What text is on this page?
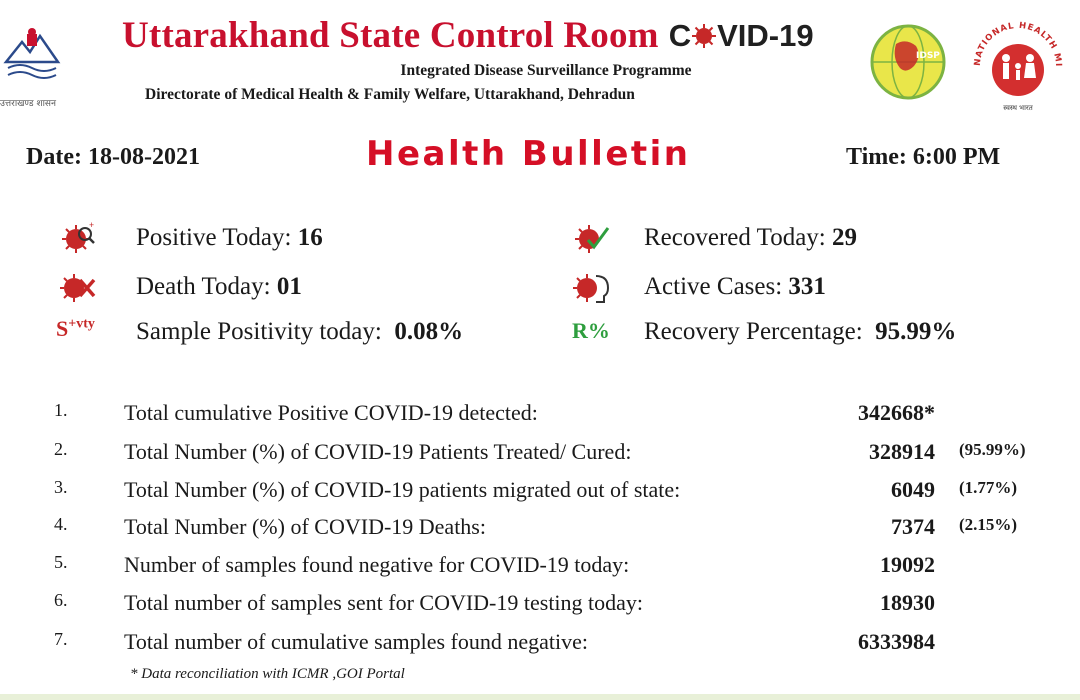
उत्तराखण्ड शासन
Uttarakhand State Control Room C VID-19
Integrated Disease Surveillance Programme
Directorate of Medical Health & Family Welfare, Uttarakhand, Dehradun
IDSP
NATIONAL HEALTH MI
स्वस्थ भारत
Date: 18-08-2021	Health Bulletin	Time: 6:00 PM
+ Positive Today: 16	Recovered Today: 29
Death Today: 01	Active Cases: 331
$S^{+vty}$ Sample Positivity today:  0.08%	R% Recovery Percentage:  95.99%
1.	Total cumulative Positive COVID-19 detected:	342668*
2.	Total Number (%) of COVID-19 Patients Treated/ Cured:	328914 (95.99%)
3.	Total Number (%) of COVID-19 patients migrated out of state:	6049 (1.77%)
4.	Total Number (%) of COVID-19 Deaths:	7374 (2.15%)
5.	Number of samples found negative for COVID-19 today:	19092
6.	Total number of samples sent for COVID-19 testing today:	18930
7.	Total number of cumulative samples found negative:	6333984
* Data reconciliation with ICMR ,GOI Portal
